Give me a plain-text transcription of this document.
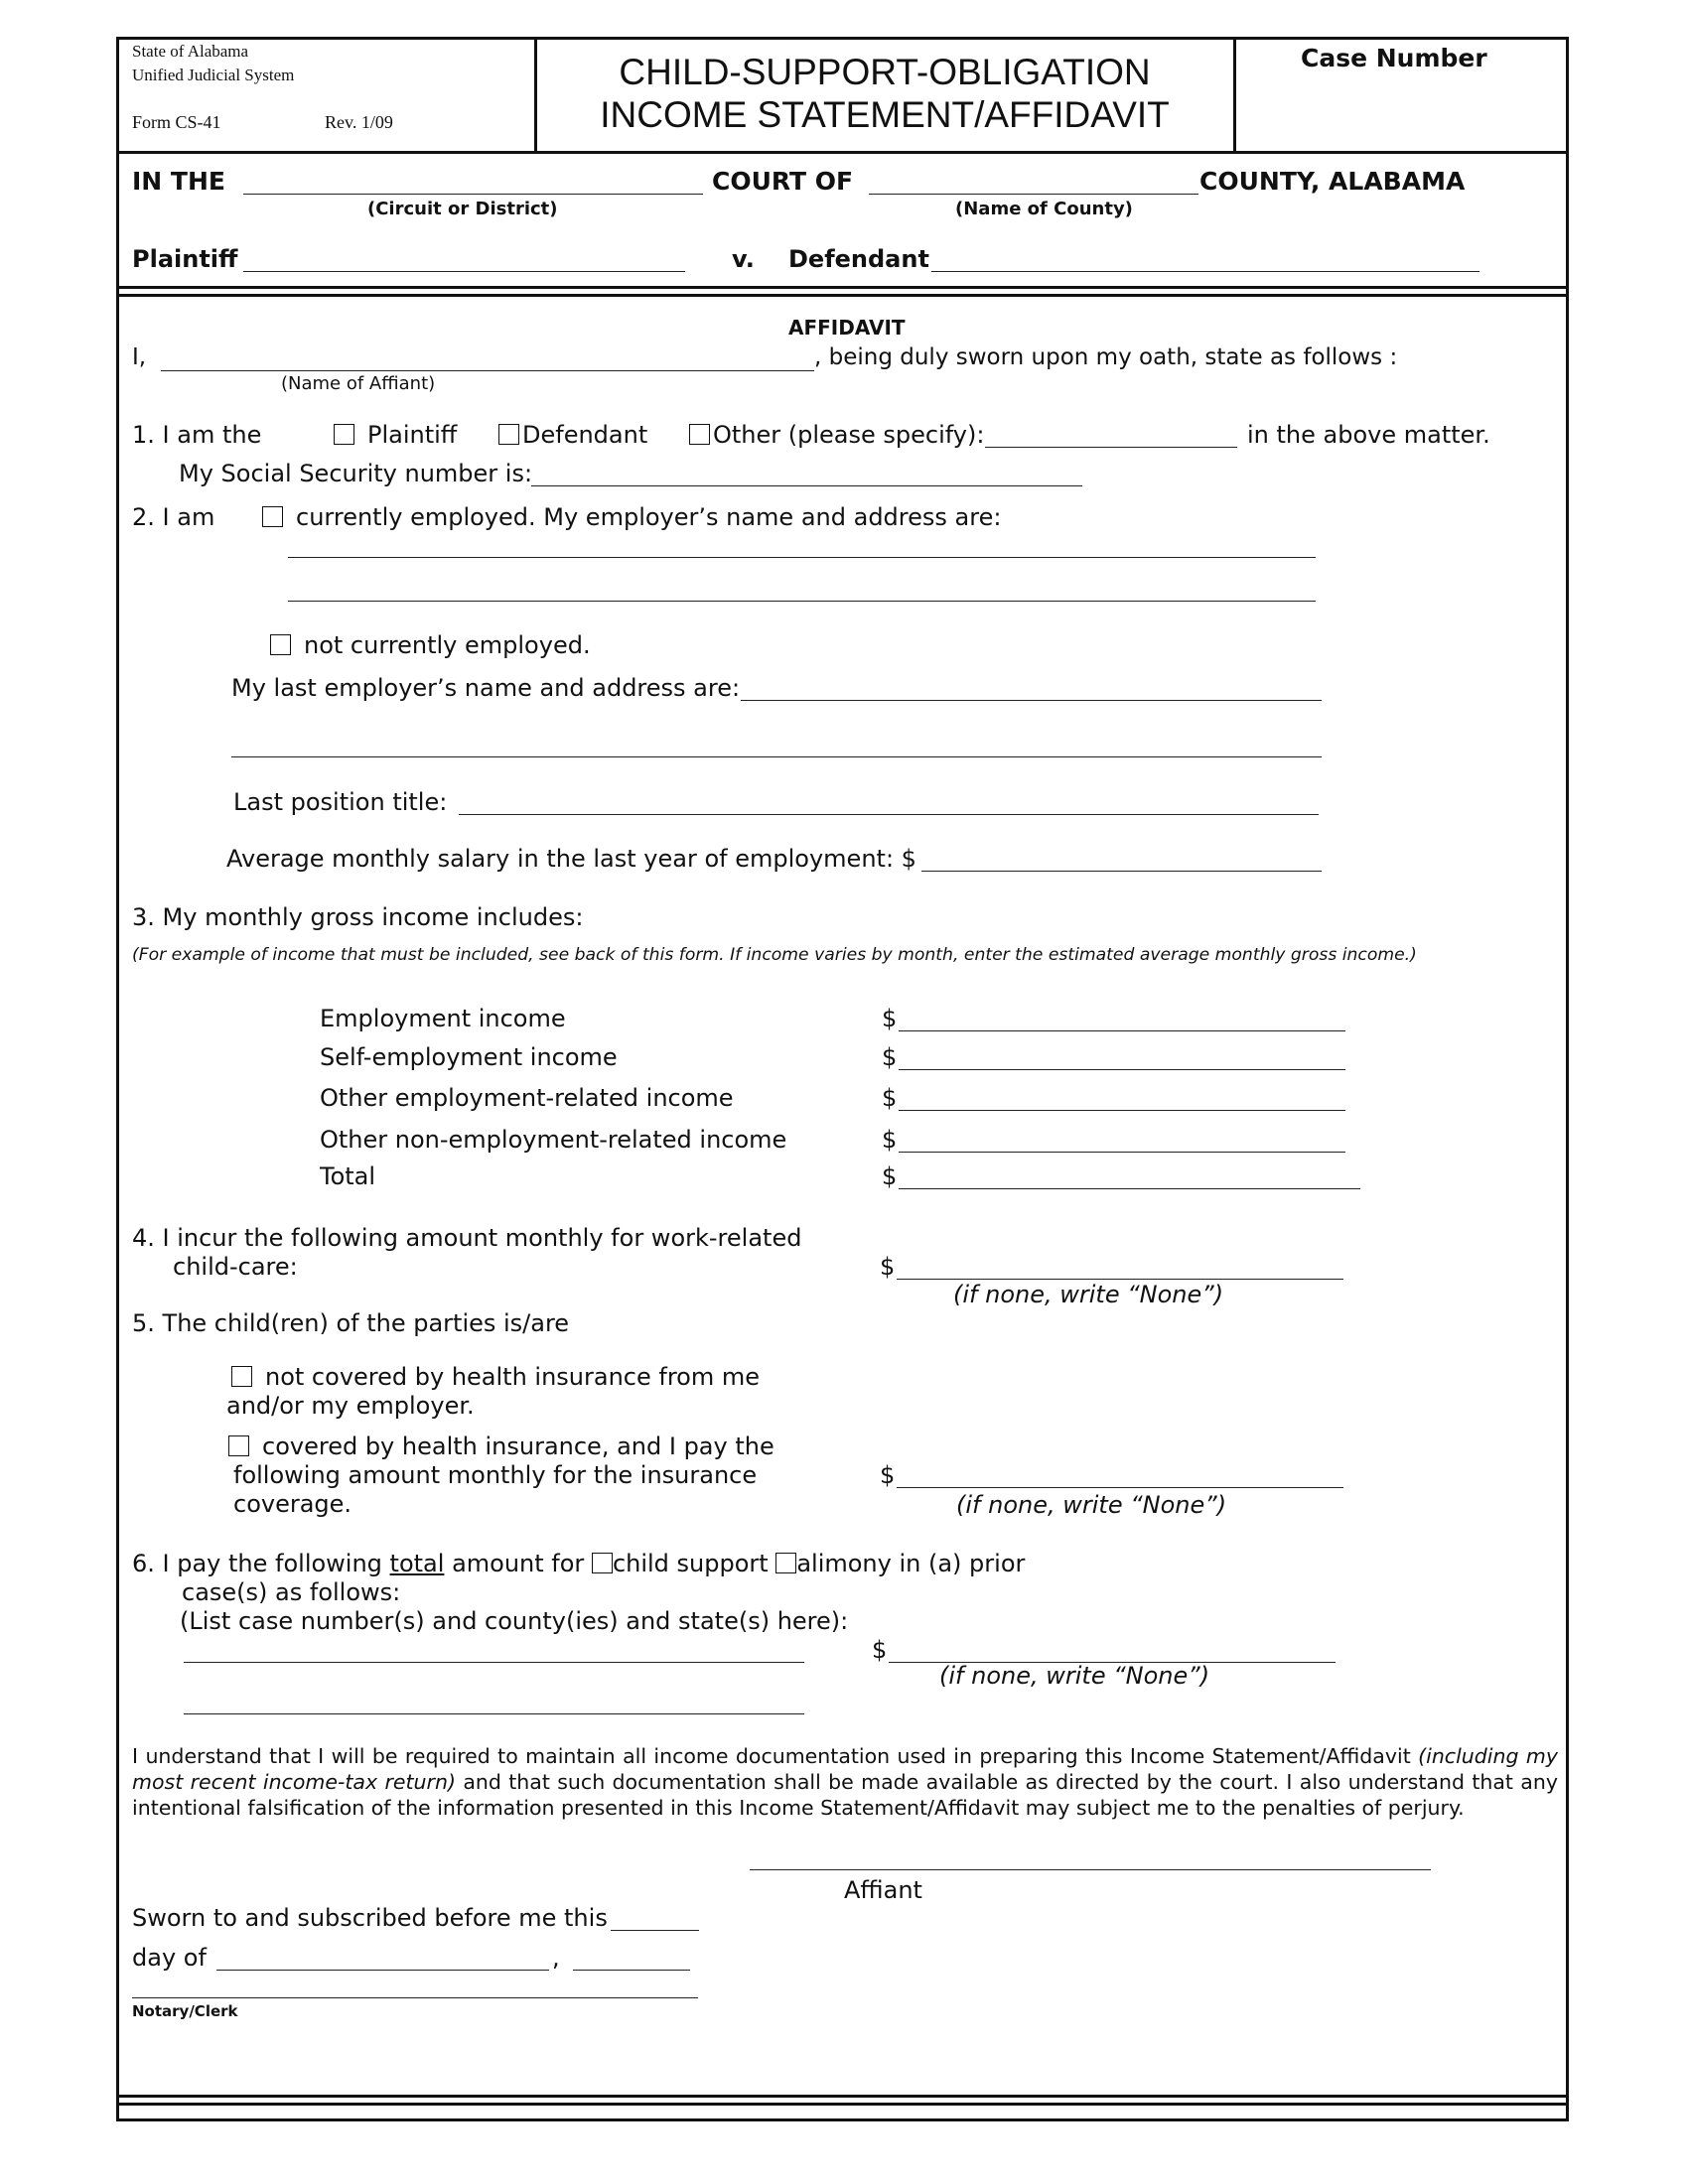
State of Alabama
Unified Judicial System
Form CS-41	Rev. 1/09
CHILD-SUPPORT-OBLIGATION
INCOME STATEMENT/AFFIDAVIT
Case Number
IN THE	COURT OF	COUNTY, ALABAMA
(Circuit or District)	(Name of County)
Plaintiff	v. Defendant
AFFIDAVIT
I,	, being duly sworn upon my oath, state as follows :
(Name of Affiant)
1. I am the	Plaintiff	Defendant	Other (please specify):	in the above matter.
My Social Security number is:
2. I am	currently employed. My employer’s name and address are:
not currently employed.
My last employer’s name and address are:
Last position title:
Average monthly salary in the last year of employment: $
3. My monthly gross income includes:
(For example of income that must be included, see back of this form. If income varies by month, enter the estimated average monthly gross income.)
Employment income	$
Self-employment income	$
Other employment-related income	$
Other non-employment-related income	$
Total	$
4. I incur the following amount monthly for work-related
child-care:	$
(if none, write “None”)
5. The child(ren) of the parties is/are
not covered by health insurance from me
and/or my employer.
covered by health insurance, and I pay the
following amount monthly for the insurance
coverage.
$
(if none, write “None”)
6. I pay the following total amount for child support alimony in (a) prior
case(s) as follows:
(List case number(s) and county(ies) and state(s) here):
$
(if none, write “None”)
I understand that I will be required to maintain all income documentation used in preparing this Income Statement/Affidavit (including my most recent income-tax return) and that such documentation shall be made available as directed by the court. I also understand that any intentional falsification of the information presented in this Income Statement/Affidavit may subject me to the penalties of perjury.
Affiant
Sworn to and subscribed before me this
day of	,
Notary/Clerk
